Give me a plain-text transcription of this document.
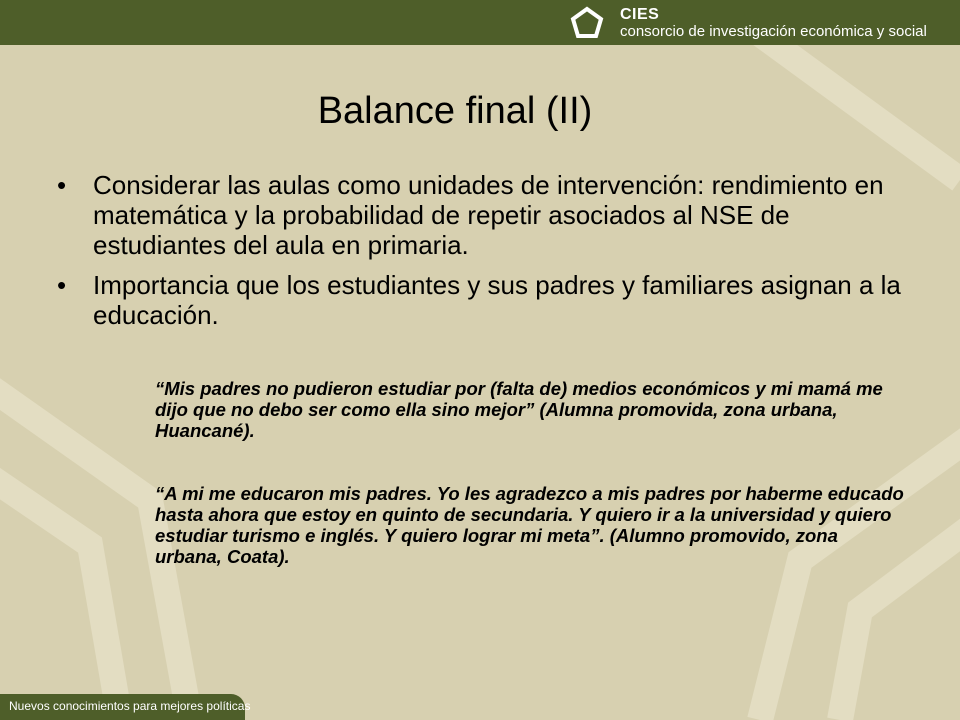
CIES
consorcio de investigación económica y social
Balance final (II)
• Considerar las aulas como unidades de intervención: rendimiento en matemática y la probabilidad de repetir asociados al NSE de estudiantes del aula en primaria.
• Importancia que los estudiantes y sus padres y familiares asignan a la educación.

“Mis padres no pudieron estudiar por (falta de) medios económicos y mi mamá me dijo que no debo ser como ella sino mejor” (Alumna promovida, zona urbana, Huancané).

“A mi me educaron mis padres. Yo les agradezco a mis padres por haberme educado hasta ahora que estoy en quinto de secundaria. Y quiero ir a la universidad y quiero estudiar turismo e inglés. Y quiero lograr mi meta”. (Alumno promovido, zona urbana, Coata).

Nuevos conocimientos para mejores políticas
